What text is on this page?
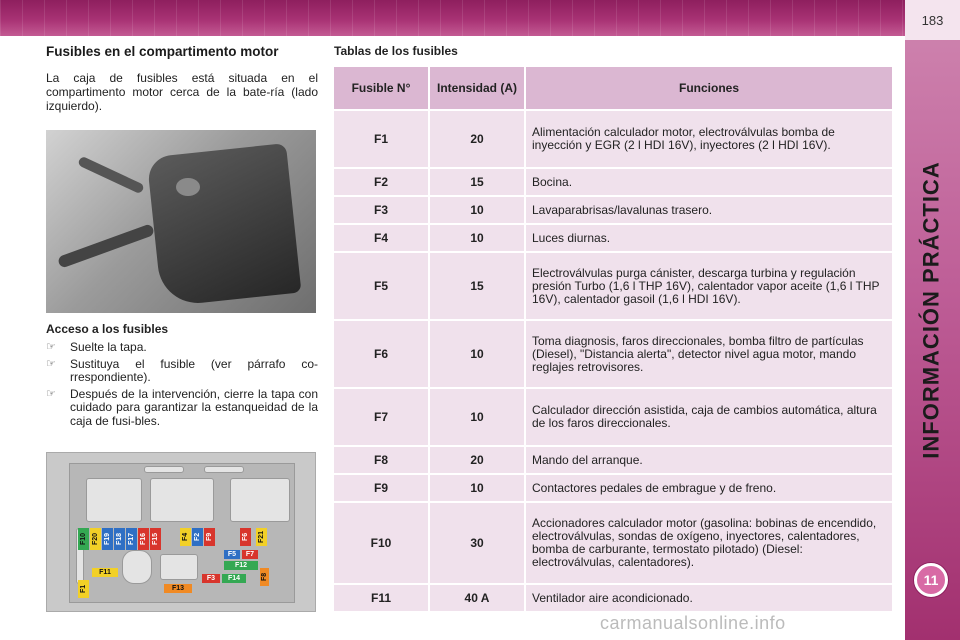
183
INFORMACIÓN PRÁCTICA
11
Fusibles en el compartimento motor

La caja de fusibles está situada en el compartimento motor cerca de la bate-ría (lado izquierdo).

Acceso a los fusibles
☞	Suelte la tapa.
☞	Sustituya el fusible (ver párrafo co-rrespondiente).
☞	Después de la intervención, cierre la tapa con cuidado para garantizar la estanqueidad de la caja de fusi-bles.
F10 F20 F19 F18 F17 F16 F15	F4 F2 F9	F6 F21
F5	F7
F12
F11
F3	F14	F8
F1	F13
Tablas de los fusibles
Fusible N°	Intensidad (A)	Funciones
F1	20	Alimentación calculador motor, electroválvulas bomba de inyección y EGR (2 l HDI 16V), inyectores (2 l HDI 16V).
F2	15	Bocina.
F3	10	Lavaparabrisas/lavalunas trasero.
F4	10	Luces diurnas.
F5	15	Electroválvulas purga cánister, descarga turbina y regulación presión Turbo (1,6 l THP 16V), calentador vapor aceite (1,6 l THP 16V), calentador gasoil (1,6 l HDI 16V).
F6	10	Toma diagnosis, faros direccionales, bomba filtro de partículas (Diesel), "Distancia alerta", detector nivel agua motor, mando reglajes retrovisores.
F7	10	Calculador dirección asistida, caja de cambios automática, altura de los faros direccionales.
F8	20	Mando del arranque.
F9	10	Contactores pedales de embrague y de freno.
F10	30	Accionadores calculador motor (gasolina: bobinas de encendido, electroválvulas, sondas de oxígeno, inyectores, calentadores, bomba de carburante, termostato pilotado) (Diesel: electroválvulas, calentadores).
F11	40 A	Ventilador aire acondicionado.
carmanualsonline.info
